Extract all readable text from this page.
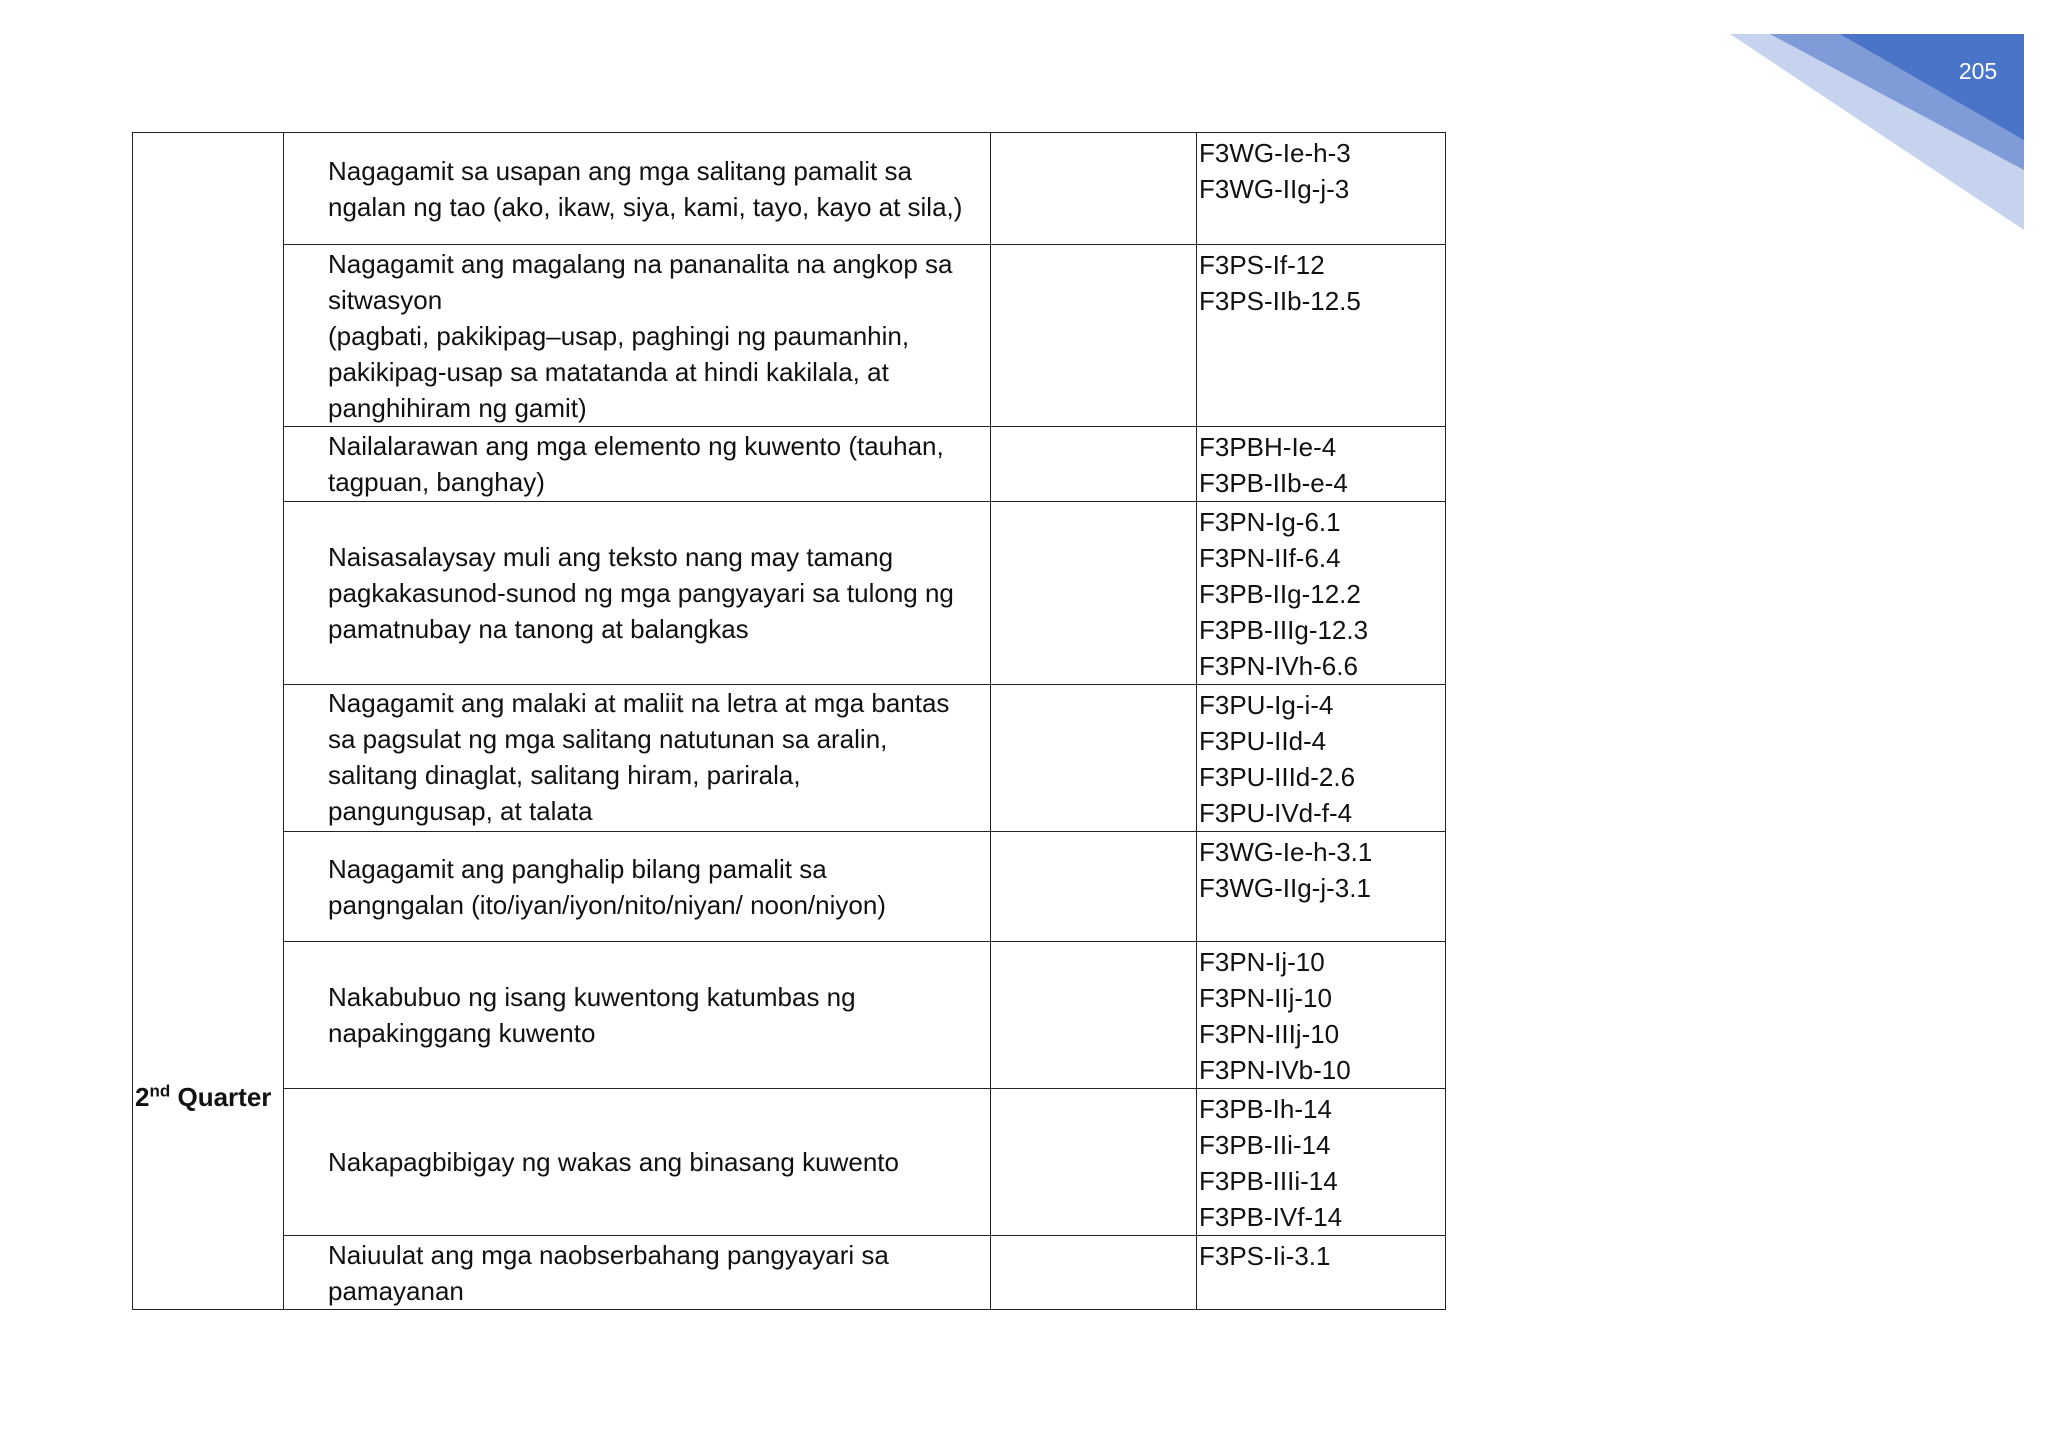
205
2nd Quarter	Nagagamit sa usapan ang mga salitang pamalit sa
ngalan ng tao (ako, ikaw, siya, kami, tayo, kayo at sila,)		F3WG-Ie-h-3
F3WG-IIg-j-3

Nagagamit ang magalang na pananalita na angkop sa
sitwasyon
(pagbati, pakikipag–usap, paghingi ng paumanhin,
pakikipag-usap sa matatanda at hindi kakilala, at
panghihiram ng gamit)		F3PS-If-12
F3PS-IIb-12.5

Nailalarawan ang mga elemento ng kuwento (tauhan,
tagpuan, banghay)		F3PBH-Ie-4
F3PB-IIb-e-4

Naisasalaysay muli ang teksto nang may tamang
pagkakasunod-sunod ng mga pangyayari sa tulong ng
pamatnubay na tanong at balangkas		F3PN-Ig-6.1
F3PN-IIf-6.4
F3PB-IIg-12.2
F3PB-IIIg-12.3
F3PN-IVh-6.6

Nagagamit ang malaki at maliit na letra at mga bantas
sa pagsulat ng mga salitang natutunan sa aralin,
salitang dinaglat, salitang hiram, parirala,
pangungusap, at talata		F3PU-Ig-i-4
F3PU-IId-4
F3PU-IIId-2.6
F3PU-IVd-f-4

Nagagamit ang panghalip bilang pamalit sa
pangngalan (ito/iyan/iyon/nito/niyan/ noon/niyon)		F3WG-Ie-h-3.1
F3WG-IIg-j-3.1

Nakabubuo ng isang kuwentong katumbas ng
napakinggang kuwento		F3PN-Ij-10
F3PN-IIj-10
F3PN-IIIj-10
F3PN-IVb-10

Nakapagbibigay ng wakas ang binasang kuwento		F3PB-Ih-14
F3PB-IIi-14
F3PB-IIIi-14
F3PB-IVf-14

Naiuulat ang mga naobserbahang pangyayari sa
pamayanan		F3PS-Ii-3.1
